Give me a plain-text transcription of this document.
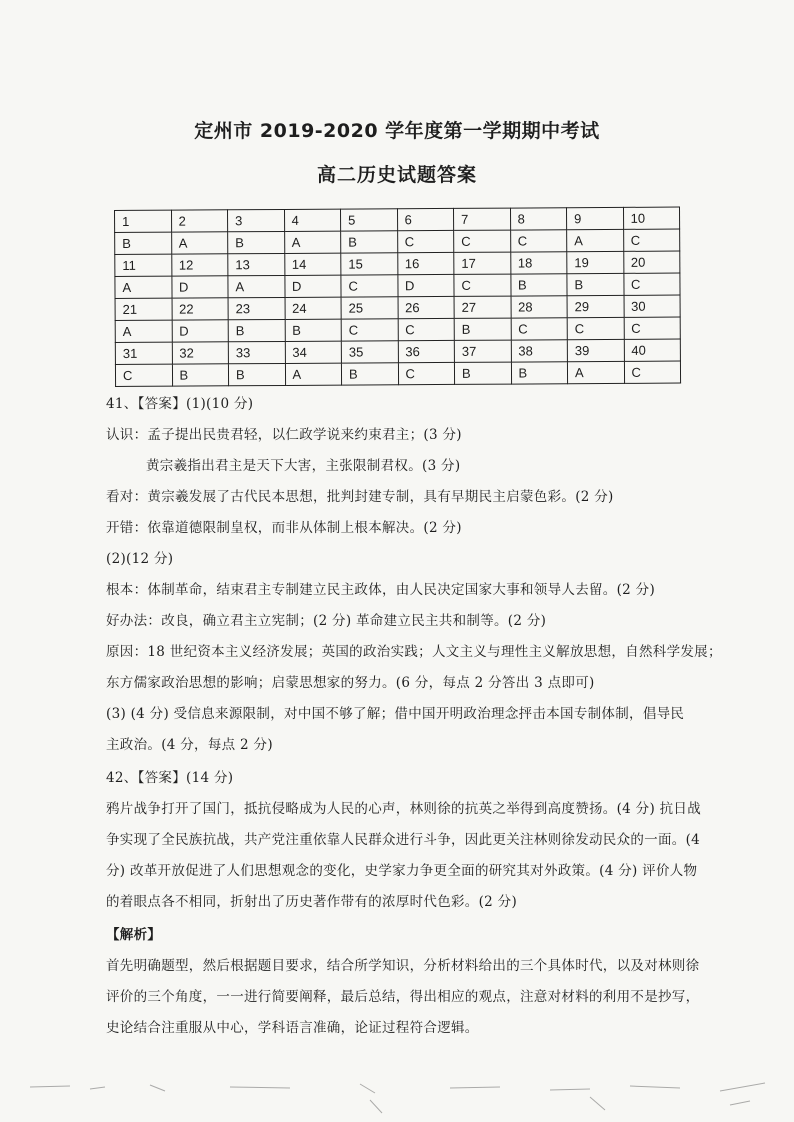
定州市 2019-2020 学年度第一学期期中考试
高二历史试题答案
1	2	3	4	5	6	7	8	9	10
B	A	B	A	B	C	C	C	A	C
11	12	13	14	15	16	17	18	19	20
A	D	A	D	C	D	C	B	B	C
21	22	23	24	25	26	27	28	29	30
A	D	B	B	C	C	B	C	C	C
31	32	33	34	35	36	37	38	39	40
C	B	B	A	B	C	B	B	A	C
41、【答案】(1)(10 分)
认识：孟子提出民贵君轻，以仁政学说来约束君主；(3 分)
黄宗羲指出君主是天下大害，主张限制君权。(3 分)
看对：黄宗羲发展了古代民本思想，批判封建专制，具有早期民主启蒙色彩。(2 分)
开错：依靠道德限制皇权，而非从体制上根本解决。(2 分)
(2)(12 分)
根本：体制革命，结束君主专制建立民主政体，由人民决定国家大事和领导人去留。(2 分)
好办法：改良，确立君主立宪制；(2 分) 革命建立民主共和制等。(2 分)
原因：18 世纪资本主义经济发展；英国的政治实践；人文主义与理性主义解放思想，自然科学发展；
东方儒家政治思想的影响；启蒙思想家的努力。(6 分，每点 2 分答出 3 点即可)
(3) (4 分) 受信息来源限制，对中国不够了解；借中国开明政治理念抨击本国专制体制，倡导民
主政治。(4 分，每点 2 分)
42、【答案】(14 分)
鸦片战争打开了国门，抵抗侵略成为人民的心声，林则徐的抗英之举得到高度赞扬。(4 分) 抗日战
争实现了全民族抗战，共产党注重依靠人民群众进行斗争，因此更关注林则徐发动民众的一面。(4
分) 改革开放促进了人们思想观念的变化，史学家力争更全面的研究其对外政策。(4 分) 评价人物
的着眼点各不相同，折射出了历史著作带有的浓厚时代色彩。(2 分)
【解析】
首先明确题型，然后根据题目要求，结合所学知识，分析材料给出的三个具体时代，以及对林则徐
评价的三个角度，一一进行简要阐释，最后总结，得出相应的观点，注意对材料的利用不是抄写，
史论结合注重服从中心，学科语言准确，论证过程符合逻辑。
